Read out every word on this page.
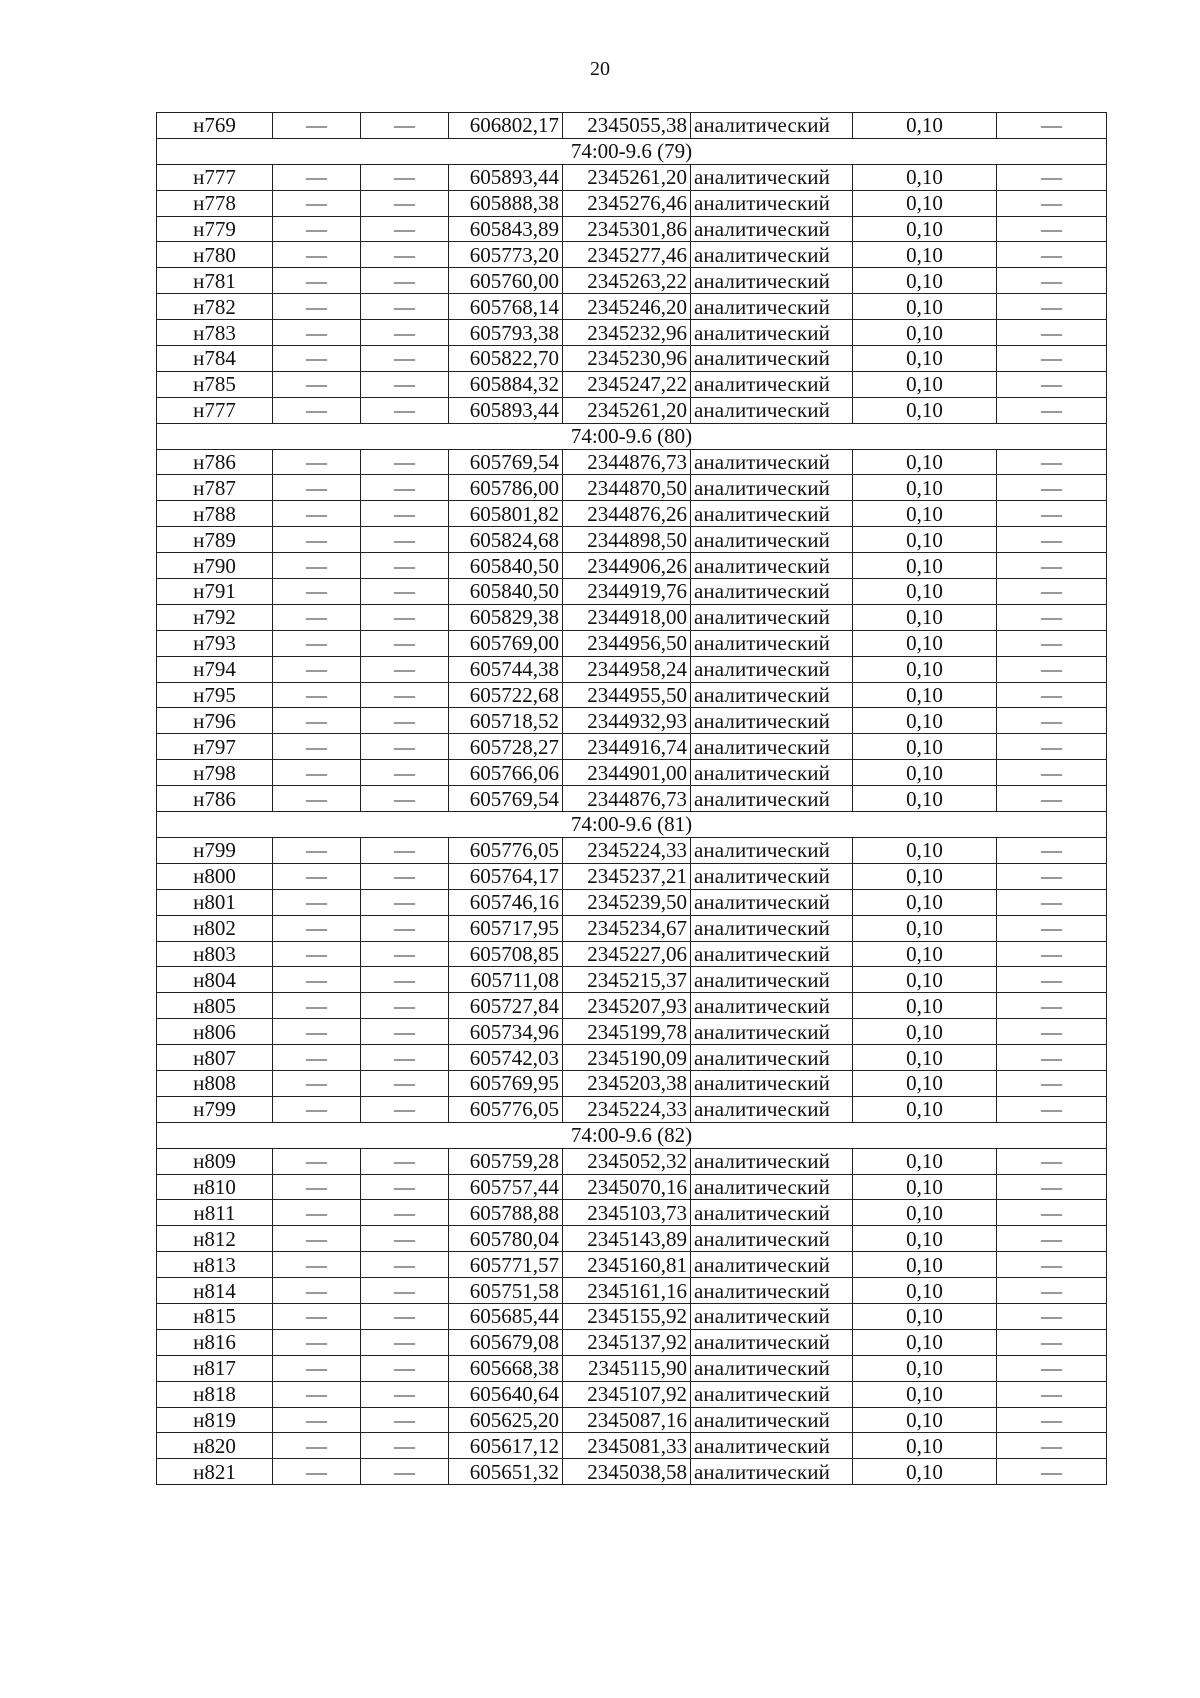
20
н769	—	—	606802,17	2345055,38	аналитический	0,10	—
74:00-9.6 (79)							
н777	—	—	605893,44	2345261,20	аналитический	0,10	—
н778	—	—	605888,38	2345276,46	аналитический	0,10	—
н779	—	—	605843,89	2345301,86	аналитический	0,10	—
н780	—	—	605773,20	2345277,46	аналитический	0,10	—
н781	—	—	605760,00	2345263,22	аналитический	0,10	—
н782	—	—	605768,14	2345246,20	аналитический	0,10	—
н783	—	—	605793,38	2345232,96	аналитический	0,10	—
н784	—	—	605822,70	2345230,96	аналитический	0,10	—
н785	—	—	605884,32	2345247,22	аналитический	0,10	—
н777	—	—	605893,44	2345261,20	аналитический	0,10	—
74:00-9.6 (80)							
н786	—	—	605769,54	2344876,73	аналитический	0,10	—
н787	—	—	605786,00	2344870,50	аналитический	0,10	—
н788	—	—	605801,82	2344876,26	аналитический	0,10	—
н789	—	—	605824,68	2344898,50	аналитический	0,10	—
н790	—	—	605840,50	2344906,26	аналитический	0,10	—
н791	—	—	605840,50	2344919,76	аналитический	0,10	—
н792	—	—	605829,38	2344918,00	аналитический	0,10	—
н793	—	—	605769,00	2344956,50	аналитический	0,10	—
н794	—	—	605744,38	2344958,24	аналитический	0,10	—
н795	—	—	605722,68	2344955,50	аналитический	0,10	—
н796	—	—	605718,52	2344932,93	аналитический	0,10	—
н797	—	—	605728,27	2344916,74	аналитический	0,10	—
н798	—	—	605766,06	2344901,00	аналитический	0,10	—
н786	—	—	605769,54	2344876,73	аналитический	0,10	—
74:00-9.6 (81)							
н799	—	—	605776,05	2345224,33	аналитический	0,10	—
н800	—	—	605764,17	2345237,21	аналитический	0,10	—
н801	—	—	605746,16	2345239,50	аналитический	0,10	—
н802	—	—	605717,95	2345234,67	аналитический	0,10	—
н803	—	—	605708,85	2345227,06	аналитический	0,10	—
н804	—	—	605711,08	2345215,37	аналитический	0,10	—
н805	—	—	605727,84	2345207,93	аналитический	0,10	—
н806	—	—	605734,96	2345199,78	аналитический	0,10	—
н807	—	—	605742,03	2345190,09	аналитический	0,10	—
н808	—	—	605769,95	2345203,38	аналитический	0,10	—
н799	—	—	605776,05	2345224,33	аналитический	0,10	—
74:00-9.6 (82)							
н809	—	—	605759,28	2345052,32	аналитический	0,10	—
н810	—	—	605757,44	2345070,16	аналитический	0,10	—
н811	—	—	605788,88	2345103,73	аналитический	0,10	—
н812	—	—	605780,04	2345143,89	аналитический	0,10	—
н813	—	—	605771,57	2345160,81	аналитический	0,10	—
н814	—	—	605751,58	2345161,16	аналитический	0,10	—
н815	—	—	605685,44	2345155,92	аналитический	0,10	—
н816	—	—	605679,08	2345137,92	аналитический	0,10	—
н817	—	—	605668,38	2345115,90	аналитический	0,10	—
н818	—	—	605640,64	2345107,92	аналитический	0,10	—
н819	—	—	605625,20	2345087,16	аналитический	0,10	—
н820	—	—	605617,12	2345081,33	аналитический	0,10	—
н821	—	—	605651,32	2345038,58	аналитический	0,10	—
